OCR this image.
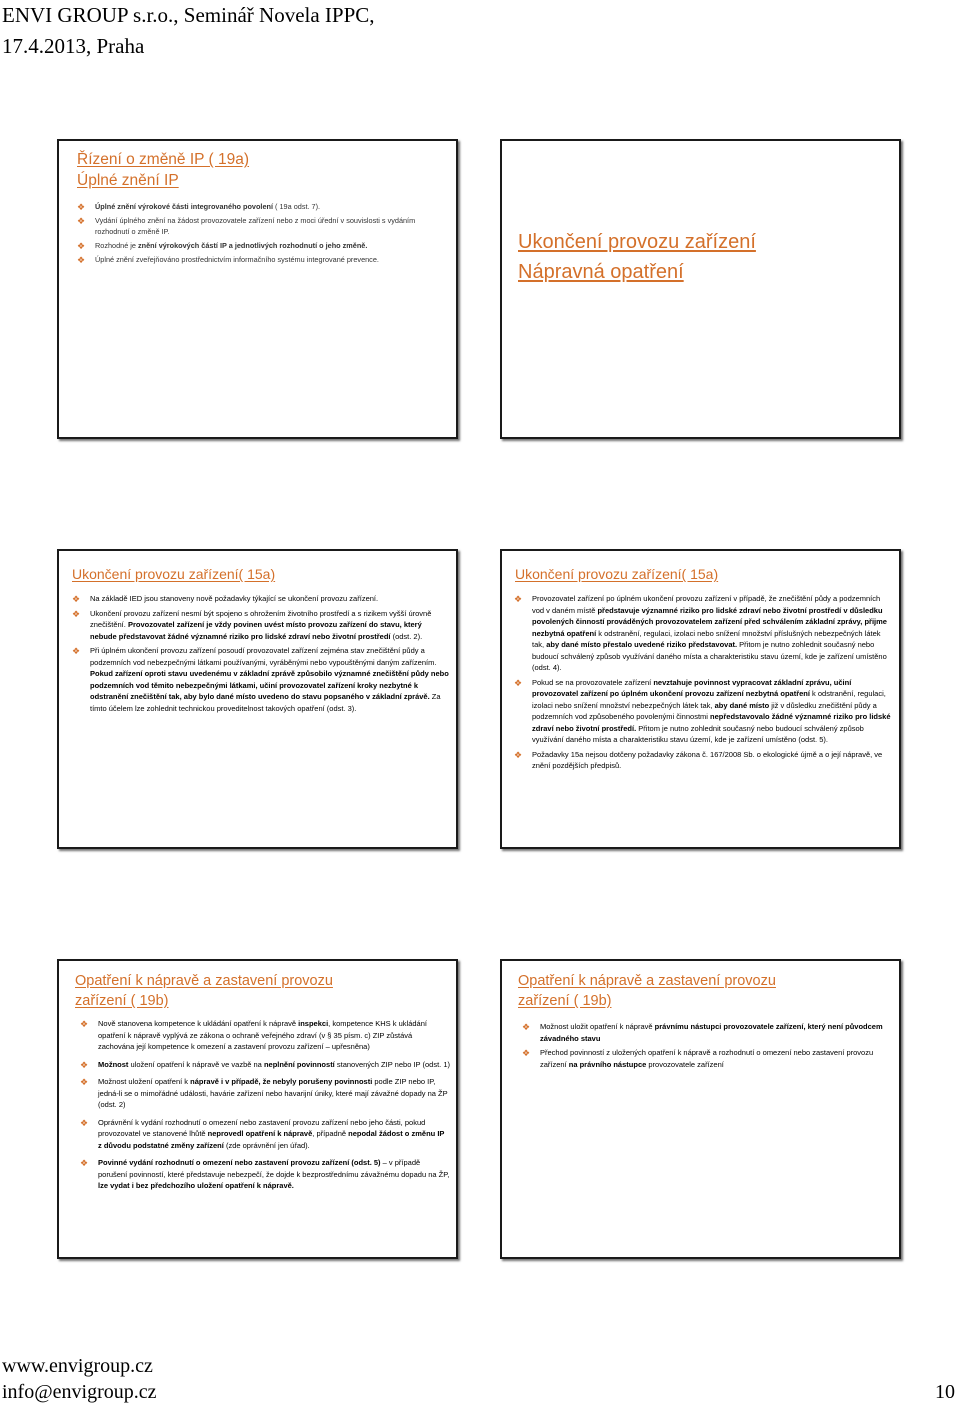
ENVI GROUP s.r.o., Seminář Novela IPPC,
17.4.2013, Praha
Řízení o změně IP ( 19a)
Úplné znění IP
❖ Úplné znění výrokové části integrovaného povolení ( 19a odst. 7).
❖ Vydání úplného znění na žádost provozovatele zařízení nebo z moci úřední v souvislosti s vydáním rozhodnutí o změně IP.
❖ Rozhodné je znění výrokových částí IP a jednotlivých rozhodnutí o jeho změně.
❖ Úplné znění zveřejňováno prostřednictvím informačního systému integrované prevence.
Ukončení provozu zařízení
Nápravná opatření
Ukončení provozu zařízení( 15a)
❖ Na základě IED jsou stanoveny nově požadavky týkající se ukončení provozu zařízení.
❖ Ukončení provozu zařízení nesmí být spojeno s ohrožením životního prostředí a s rizikem vyšší úrovně znečištění. Provozovatel zařízení je vždy povinen uvést místo provozu zařízení do stavu, který nebude představovat žádné významné riziko pro lidské zdraví nebo životní prostředí (odst. 2).
❖ Při úplném ukončení provozu zařízení posoudí provozovatel zařízení zejména stav znečištění půdy a podzemních vod nebezpečnými látkami používanými, vyráběnými nebo vypouštěnými daným zařízením. Pokud zařízení oproti stavu uvedenému v základní zprávě způsobilo významné znečištění půdy nebo podzemních vod těmito nebezpečnými látkami, učiní provozovatel zařízení kroky nezbytné k odstranění znečištění tak, aby bylo dané místo uvedeno do stavu popsaného v základní zprávě. Za tímto účelem lze zohlednit technickou proveditelnost takových opatření (odst. 3).
Ukončení provozu zařízení( 15a)
❖ Provozovatel zařízení po úplném ukončení provozu zařízení v případě, že znečištění půdy a podzemních vod v daném místě představuje významné riziko pro lidské zdraví nebo životní prostředí v důsledku povolených činností prováděných provozovatelem zařízení před schválením základní zprávy, přijme nezbytná opatření k odstranění, regulaci, izolaci nebo snížení množství příslušných nebezpečných látek tak, aby dané místo přestalo uvedené riziko představovat. Přitom je nutno zohlednit současný nebo budoucí schválený způsob využívání daného místa a charakteristiku stavu území, kde je zařízení umístěno (odst. 4).
❖ Pokud se na provozovatele zařízení nevztahuje povinnost vypracovat základní zprávu, učiní provozovatel zařízení po úplném ukončení provozu zařízení nezbytná opatření k odstranění, regulaci, izolaci nebo snížení množství nebezpečných látek tak, aby dané místo již v důsledku znečištění půdy a podzemních vod způsobeného povolenými činnostmi nepředstavovalo žádné významné riziko pro lidské zdraví nebo životní prostředí. Přitom je nutno zohlednit současný nebo budoucí schválený způsob využívání daného místa a charakteristiku stavu území, kde je zařízení umístěno (odst. 5).
❖ Požadavky 15a nejsou dotčeny požadavky zákona č. 167/2008 Sb. o ekologické újmě a o její nápravě, ve znění pozdějších předpisů.
Opatření k nápravě a zastavení provozu
zařízení ( 19b)
❖ Nově stanovena kompetence k ukládání opatření k nápravě inspekci, kompetence KHS k ukládání opatření k nápravě vyplývá ze zákona o ochraně veřejného zdraví (v § 35 písm. c) ZIP zůstává zachována její kompetence k omezení a zastavení provozu zařízení – upřesněna)
❖ Možnost uložení opatření k nápravě ve vazbě na neplnění povinností stanovených ZIP nebo IP (odst. 1)
❖ Možnost uložení opatření k nápravě i v případě, že nebyly porušeny povinnosti podle ZIP nebo IP, jedná-li se o mimořádné události, havárie zařízení nebo havarijní úniky, které mají závažné dopady na ŽP (odst. 2)
❖ Oprávnění k vydání rozhodnutí o omezení nebo zastavení provozu zařízení nebo jeho části, pokud provozovatel ve stanovené lhůtě neprovedl opatření k nápravě, případně nepodal žádost o změnu IP z důvodu podstatné změny zařízení (zde oprávnění jen úřad).
❖ Povinné vydání rozhodnutí o omezení nebo zastavení provozu zařízení (odst. 5) – v případě porušení povinností, které představuje nebezpečí, že dojde k bezprostřednímu závažnému dopadu na ŽP, lze vydat i bez předchozího uložení opatření k nápravě.
Opatření k nápravě a zastavení provozu
zařízení ( 19b)
❖ Možnost uložit opatření k nápravě právnímu nástupci provozovatele zařízení, který není původcem závadného stavu
❖ Přechod povinností z uložených opatření k nápravě a rozhodnutí o omezení nebo zastavení provozu zařízení na právního nástupce provozovatele zařízení
www.envigroup.cz
info@envigroup.cz	10
